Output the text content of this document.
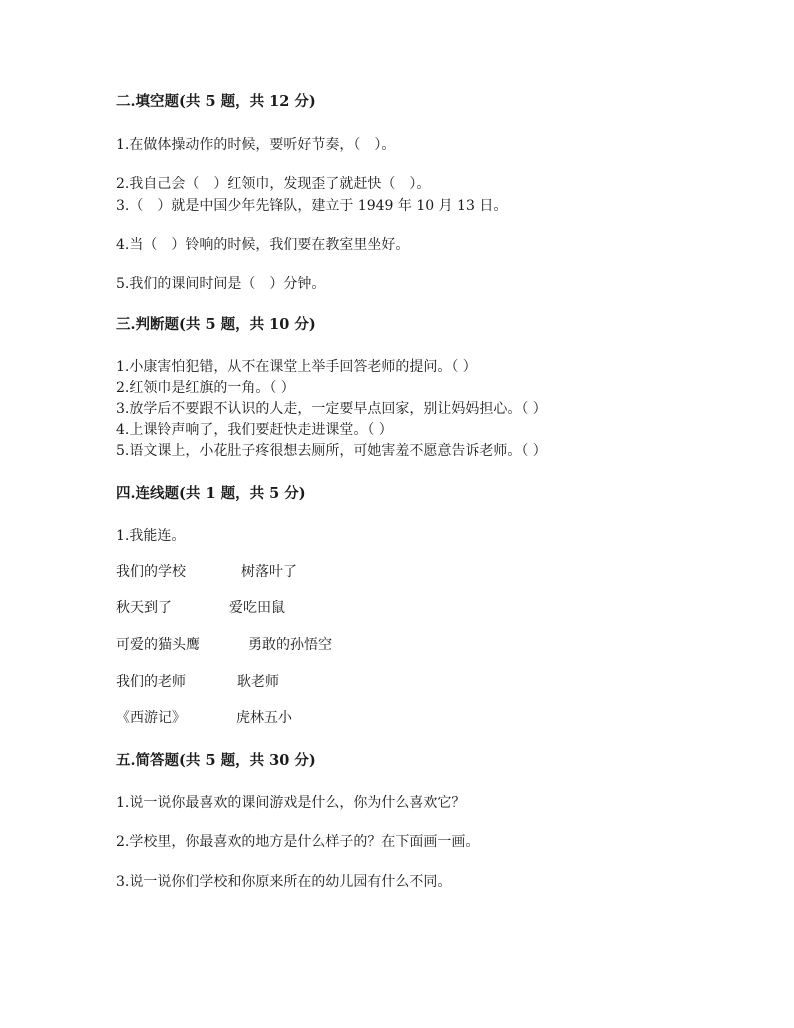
二.填空题(共 5 题，共 12 分)
1.在做体操动作的时候，要听好节奏，（　）。
2.我自己会（　）红领巾，发现歪了就赶快（　）。
3.（　）就是中国少年先锋队，建立于 1949 年 10 月 13 日。
4.当（　）铃响的时候，我们要在教室里坐好。
5.我们的课间时间是（　）分钟。
三.判断题(共 5 题，共 10 分)
1.小康害怕犯错，从不在课堂上举手回答老师的提问。（ ）
2.红领巾是红旗的一角。（ ）
3.放学后不要跟不认识的人走，一定要早点回家，别让妈妈担心。（ ）
4.上课铃声响了，我们要赶快走进课堂。（ ）
5.语文课上，小花肚子疼很想去厕所，可她害羞不愿意告诉老师。（ ）
四.连线题(共 1 题，共 5 分)
1.我能连。
我们的学校	树落叶了
秋天到了	爱吃田鼠
可爱的猫头鹰	勇敢的孙悟空
我们的老师	耿老师
《西游记》	虎林五小
五.简答题(共 5 题，共 30 分)
1.说一说你最喜欢的课间游戏是什么，你为什么喜欢它？
2.学校里，你最喜欢的地方是什么样子的？在下面画一画。
3.说一说你们学校和你原来所在的幼儿园有什么不同。
